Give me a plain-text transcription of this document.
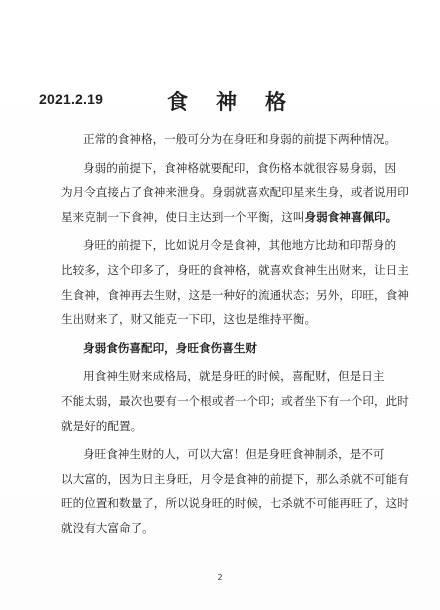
2021.2.19	食神格

正常的食神格，一般可分为在身旺和身弱的前提下两种情况。

身弱的前提下，食神格就要配印，食伤格本就很容易身弱，因
为月令直接占了食神来泄身。身弱就喜欢配印星来生身，或者说用印
星来克制一下食神，使日主达到一个平衡，这叫身弱食神喜佩印。

身旺的前提下，比如说月令是食神，其他地方比劫和印帮身的
比较多，这个印多了，身旺的食神格，就喜欢食神生出财来，让日主
生食神，食神再去生财，这是一种好的流通状态；另外，印旺，食神
生出财来了，财又能克一下印，这也是维持平衡。

身弱食伤喜配印，身旺食伤喜生财

用食神生财来成格局，就是身旺的时候，喜配财，但是日主
不能太弱，最次也要有一个根或者一个印；或者坐下有一个印，此时
就是好的配置。

身旺食神生财的人，可以大富！但是身旺食神制杀，是不可
以大富的，因为日主身旺，月令是食神的前提下，那么杀就不可能有
旺的位置和数量了，所以说身旺的时候，七杀就不可能再旺了，这时
就没有大富命了。

2
